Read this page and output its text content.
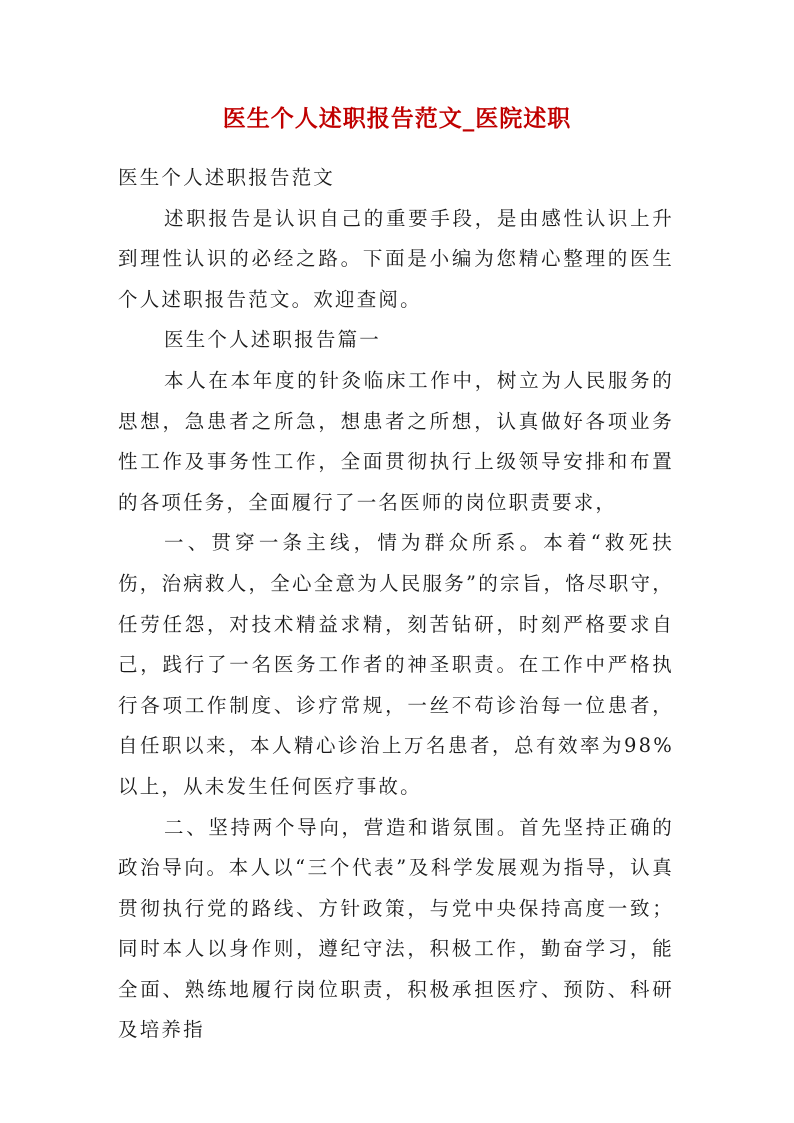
医生个人述职报告范文_医院述职

医生个人述职报告范文

述职报告是认识自己的重要手段，是由感性认识上升到理性认识的必经之路。下面是小编为您精心整理的医生个人述职报告范文。欢迎查阅。

医生个人述职报告篇一

本人在本年度的针灸临床工作中，树立为人民服务的思想，急患者之所急，想患者之所想，认真做好各项业务性工作及事务性工作，全面贯彻执行上级领导安排和布置的各项任务，全面履行了一名医师的岗位职责要求，

一、贯穿一条主线，情为群众所系。本着“救死扶伤，治病救人，全心全意为人民服务”的宗旨，恪尽职守，任劳任怨，对技术精益求精，刻苦钻研，时刻严格要求自己，践行了一名医务工作者的神圣职责。在工作中严格执行各项工作制度、诊疗常规，一丝不苟诊治每一位患者，自任职以来，本人精心诊治上万名患者，总有效率为98%以上，从未发生任何医疗事故。

二、坚持两个导向，营造和谐氛围。首先坚持正确的政治导向。本人以“三个代表”及科学发展观为指导，认真贯彻执行党的路线、方针政策，与党中央保持高度一致；同时本人以身作则，遵纪守法，积极工作，勤奋学习，能全面、熟练地履行岗位职责，积极承担医疗、预防、科研及培养指
